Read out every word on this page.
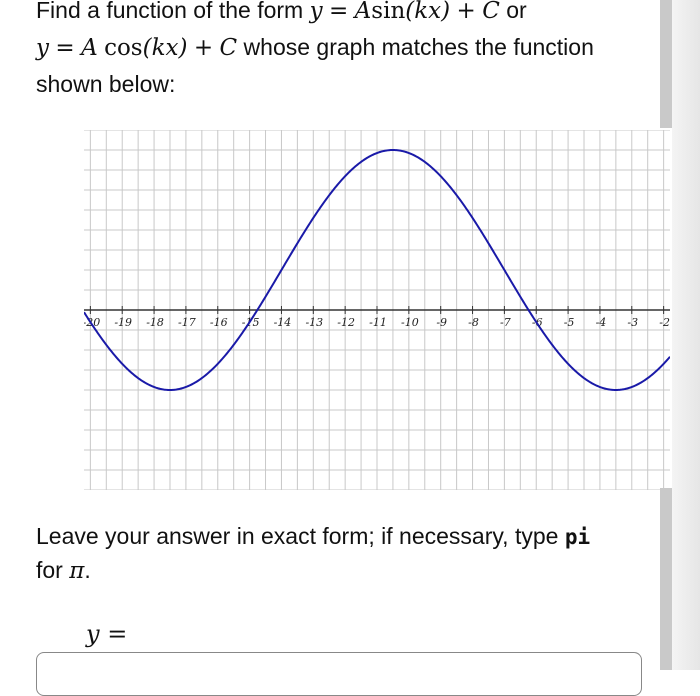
Find a function of the form y = Asin(kx) + C or
y = A cos(kx) + C whose graph matches the function
shown below:
-20 -19 -18 -17 -16 -15 -14 -13 -12 -11 -10 -9 -8 -7 -6 -5 -4 -3 -2
Leave your answer in exact form; if necessary, type pi
for π.
y =
